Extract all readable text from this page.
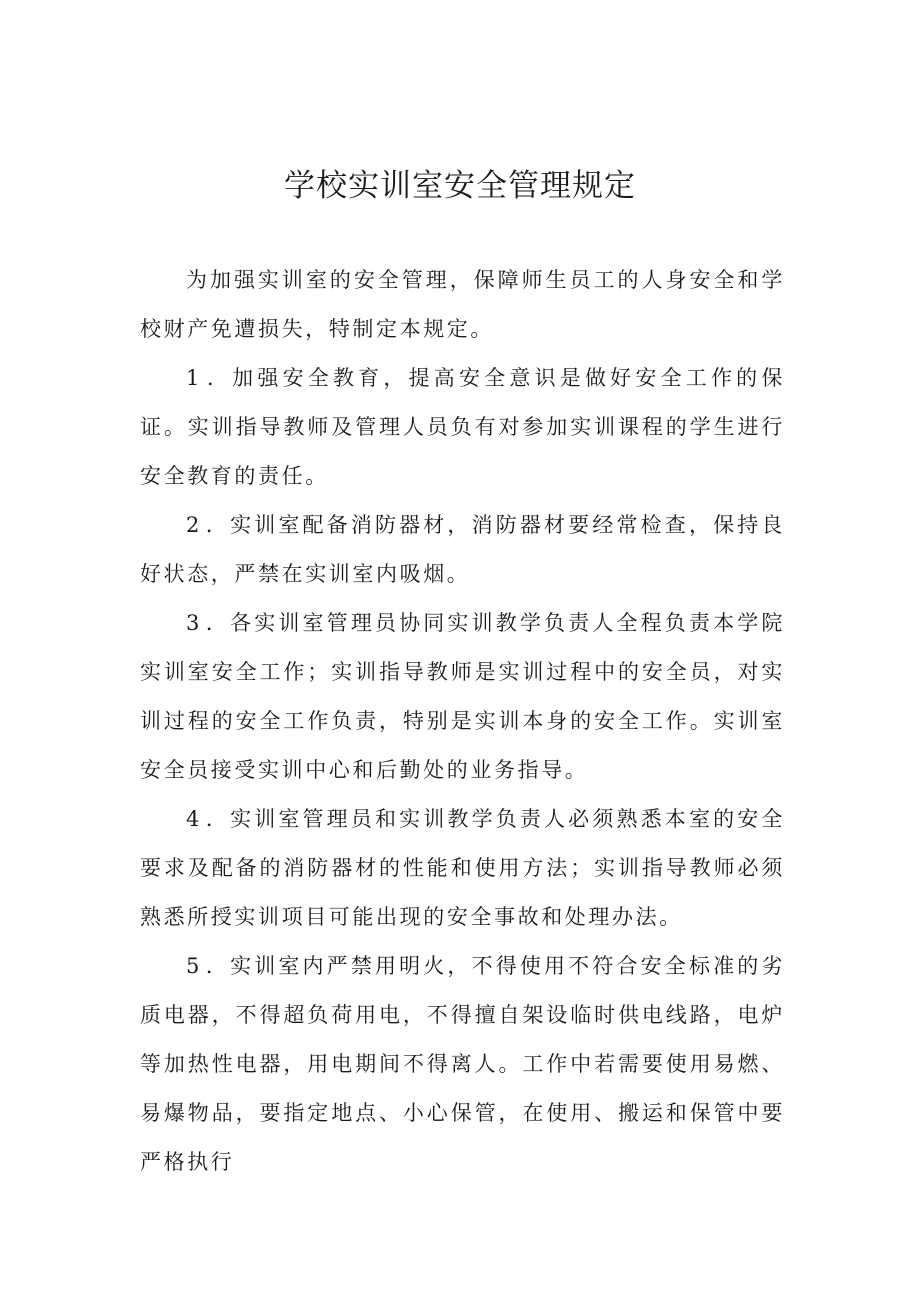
学校实训室安全管理规定

为加强实训室的安全管理，保障师生员工的人身安全和学校财产免遭损失，特制定本规定。

1．加强安全教育，提高安全意识是做好安全工作的保证。实训指导教师及管理人员负有对参加实训课程的学生进行安全教育的责任。

2．实训室配备消防器材，消防器材要经常检查，保持良好状态，严禁在实训室内吸烟。

3．各实训室管理员协同实训教学负责人全程负责本学院实训室安全工作；实训指导教师是实训过程中的安全员，对实训过程的安全工作负责，特别是实训本身的安全工作。实训室安全员接受实训中心和后勤处的业务指导。

4．实训室管理员和实训教学负责人必须熟悉本室的安全要求及配备的消防器材的性能和使用方法；实训指导教师必须熟悉所授实训项目可能出现的安全事故和处理办法。

5．实训室内严禁用明火，不得使用不符合安全标准的劣质电器，不得超负荷用电，不得擅自架设临时供电线路，电炉等加热性电器，用电期间不得离人。工作中若需要使用易燃、易爆物品，要指定地点、小心保管，在使用、搬运和保管中要严格执行
